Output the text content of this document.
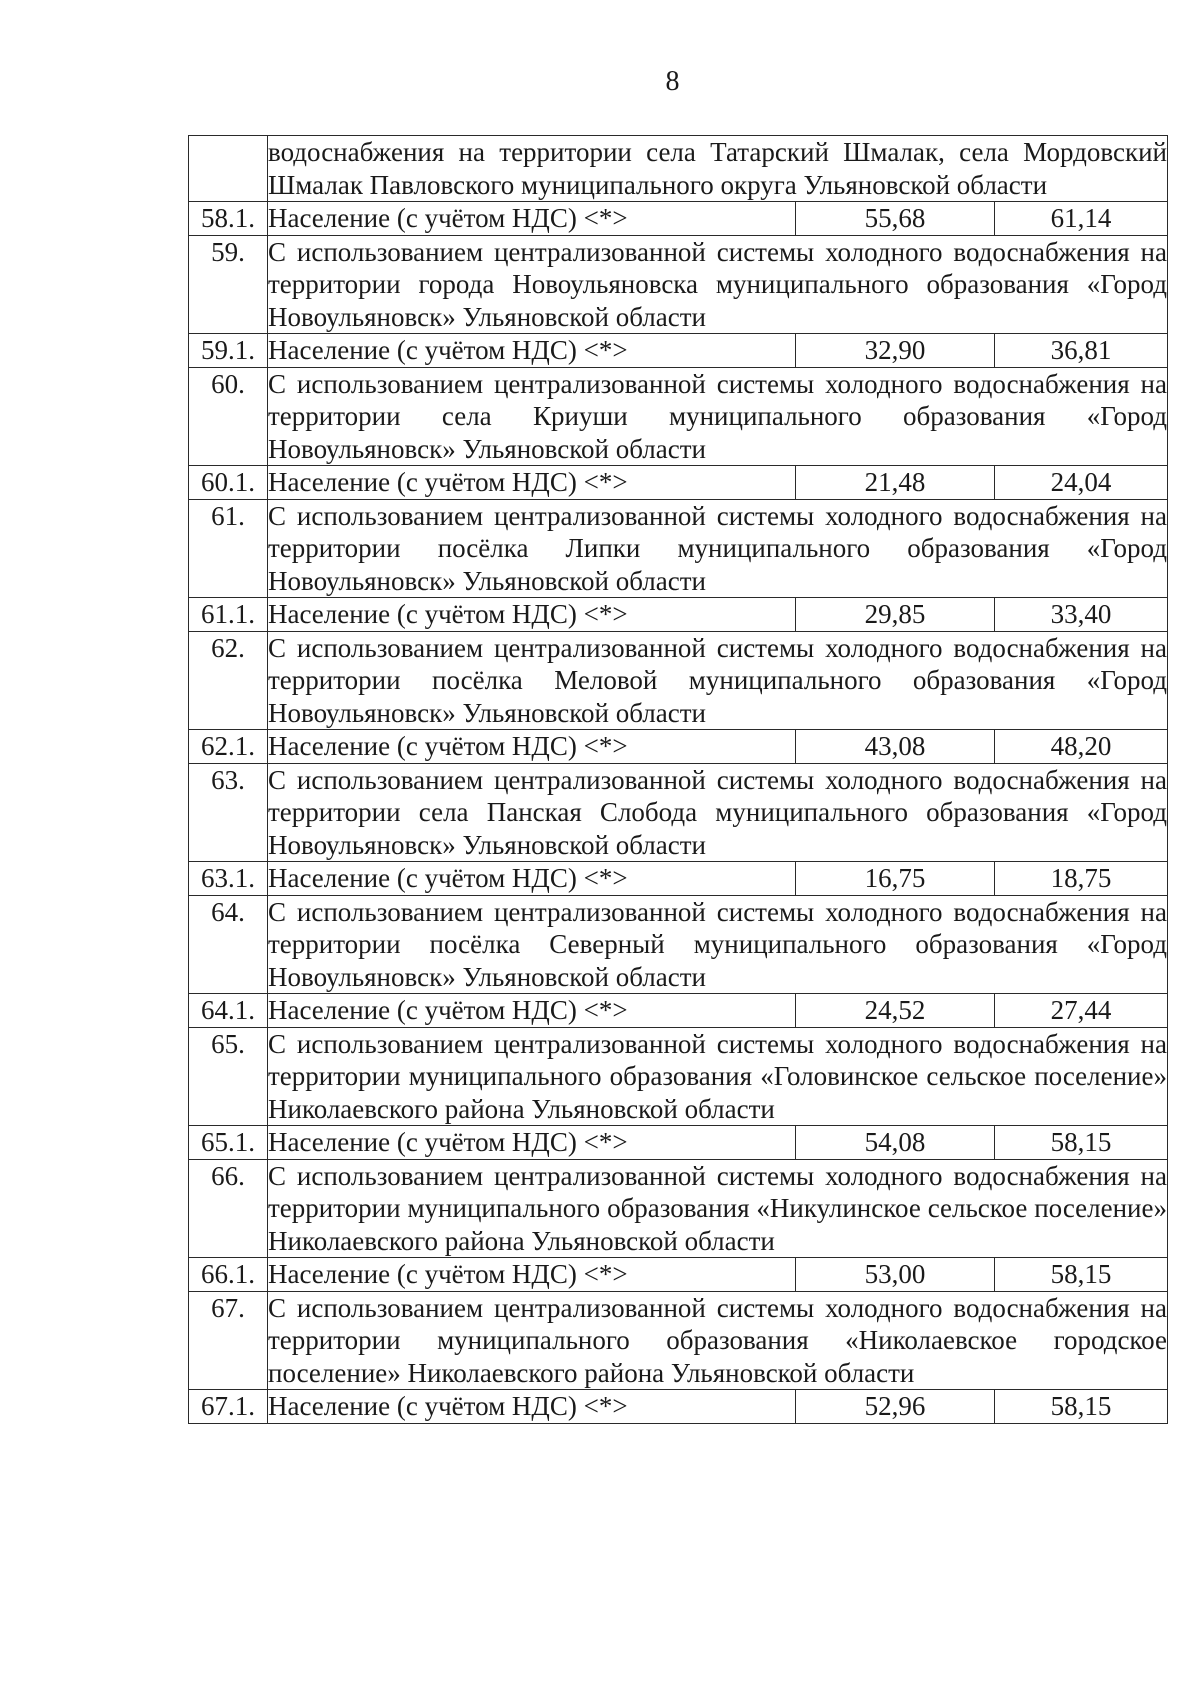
8
	водоснабжения на территории села Татарский Шмалак, села Мордовский Шмалак Павловского муниципального округа Ульяновской области		
58.1.	Население (с учётом НДС) <*>	55,68	61,14
59.	С использованием централизованной системы холодного водоснабжения на территории города Новоульяновска муниципального образования «Город Новоульяновск» Ульяновской области		
59.1.	Население (с учётом НДС) <*>	32,90	36,81
60.	С использованием централизованной системы холодного водоснабжения на территории села Криуши муниципального образования «Город Новоульяновск» Ульяновской области		
60.1.	Население (с учётом НДС) <*>	21,48	24,04
61.	С использованием централизованной системы холодного водоснабжения на территории посёлка Липки муниципального образования «Город Новоульяновск» Ульяновской области		
61.1.	Население (с учётом НДС) <*>	29,85	33,40
62.	С использованием централизованной системы холодного водоснабжения на территории посёлка Меловой муниципального образования «Город Новоульяновск» Ульяновской области		
62.1.	Население (с учётом НДС) <*>	43,08	48,20
63.	С использованием централизованной системы холодного водоснабжения на территории села Панская Слобода муниципального образования «Город Новоульяновск» Ульяновской области		
63.1.	Население (с учётом НДС) <*>	16,75	18,75
64.	С использованием централизованной системы холодного водоснабжения на территории посёлка Северный муниципального образования «Город Новоульяновск» Ульяновской области		
64.1.	Население (с учётом НДС) <*>	24,52	27,44
65.	С использованием централизованной системы холодного водоснабжения на территории муниципального образования «Головинское сельское поселение» Николаевского района Ульяновской области		
65.1.	Население (с учётом НДС) <*>	54,08	58,15
66.	С использованием централизованной системы холодного водоснабжения на территории муниципального образования «Никулинское сельское поселение» Николаевского района Ульяновской области		
66.1.	Население (с учётом НДС) <*>	53,00	58,15
67.	С использованием централизованной системы холодного водоснабжения на территории муниципального образования «Николаевское городское поселение» Николаевского района Ульяновской области		
67.1.	Население (с учётом НДС) <*>	52,96	58,15
